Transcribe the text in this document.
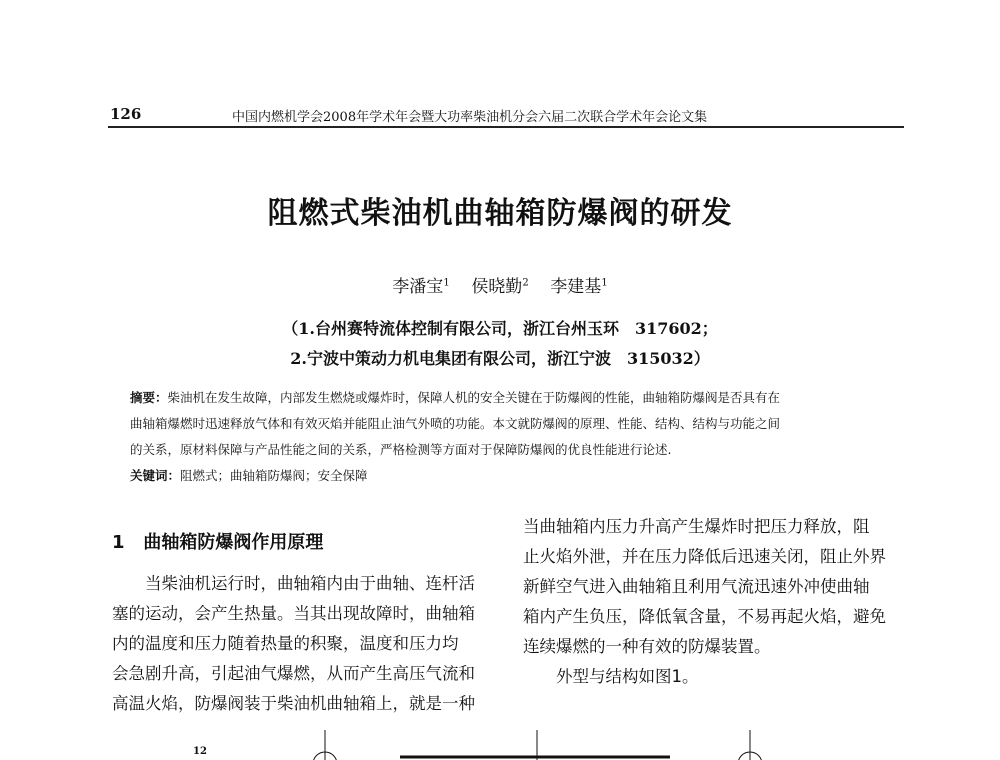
126	中国内燃机学会2008年学术年会暨大功率柴油机分会六届二次联合学术年会论文集
阻燃式柴油机曲轴箱防爆阀的研发
李潘宝$^1$ 侯晓勤$^2$ 李建基$^1$
（1.台州赛特流体控制有限公司，浙江台州玉环　317602；
2.宁波中策动力机电集团有限公司，浙江宁波　315032）
摘要：柴油机在发生故障，内部发生燃烧或爆炸时，保障人机的安全关键在于防爆阀的性能，曲轴箱防爆阀是否具有在
曲轴箱爆燃时迅速释放气体和有效灭焰并能阻止油气外喷的功能。本文就防爆阀的原理、性能、结构、结构与功能之间
的关系，原材料保障与产品性能之间的关系，严格检测等方面对于保障防爆阀的优良性能进行论述.
关键词：阻燃式；曲轴箱防爆阀；安全保障
1 曲轴箱防爆阀作用原理
　　当柴油机运行时，曲轴箱内由于曲轴、连杆活
塞的运动，会产生热量。当其出现故障时，曲轴箱
内的温度和压力随着热量的积聚，温度和压力均
会急剧升高，引起油气爆燃，从而产生高压气流和
高温火焰，防爆阀装于柴油机曲轴箱上，就是一种
当曲轴箱内压力升高产生爆炸时把压力释放，阻
止火焰外泄，并在压力降低后迅速关闭，阻止外界
新鲜空气进入曲轴箱且利用气流迅速外冲使曲轴
箱内产生负压，降低氧含量，不易再起火焰，避免
连续爆燃的一种有效的防爆装置。
　　外型与结构如图1。
12
